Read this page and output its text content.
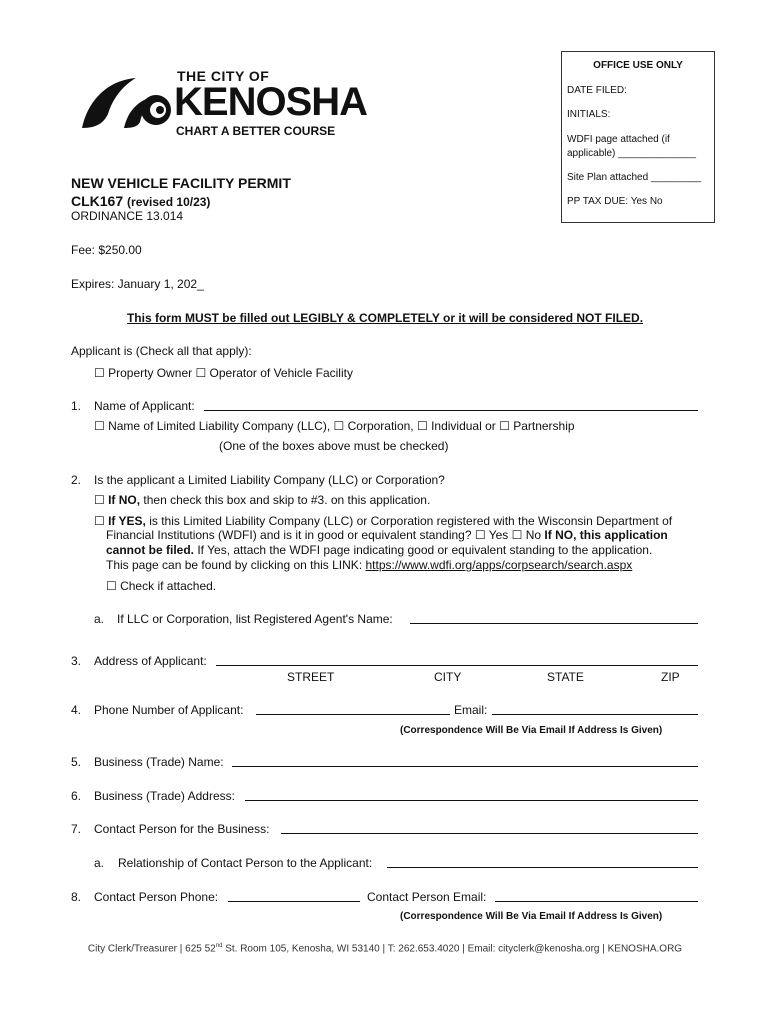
THE CITY OF
KENOSHA
CHART A BETTER COURSE
OFFICE USE ONLY
DATE FILED:
INITIALS:
WDFI page attached (if
applicable) ______________
Site Plan attached _________
PP TAX DUE: Yes No
NEW VEHICLE FACILITY PERMIT
CLK167 (revised 10/23)
ORDINANCE 13.014
Fee: $250.00
Expires: January 1, 202_
This form MUST be filled out LEGIBLY & COMPLETELY or it will be considered NOT FILED.
Applicant is (Check all that apply):
☐ Property Owner ☐ Operator of Vehicle Facility
1. Name of Applicant:
☐ Name of Limited Liability Company (LLC), ☐ Corporation, ☐ Individual or ☐ Partnership
(One of the boxes above must be checked)
2. Is the applicant a Limited Liability Company (LLC) or Corporation?
☐ If NO, then check this box and skip to #3. on this application.
☐ If YES, is this Limited Liability Company (LLC) or Corporation registered with the Wisconsin Department of
Financial Institutions (WDFI) and is it in good or equivalent standing? ☐ Yes ☐ No If NO, this application
cannot be filed. If Yes, attach the WDFI page indicating good or equivalent standing to the application.
This page can be found by clicking on this LINK: https://www.wdfi.org/apps/corpsearch/search.aspx
☐ Check if attached.
a. If LLC or Corporation, list Registered Agent's Name:
3. Address of Applicant:
STREET	CITY	STATE	ZIP
4. Phone Number of Applicant:	Email:
(Correspondence Will Be Via Email If Address Is Given)
5. Business (Trade) Name:
6. Business (Trade) Address:
7. Contact Person for the Business:
a. Relationship of Contact Person to the Applicant:
8. Contact Person Phone:	Contact Person Email:
(Correspondence Will Be Via Email If Address Is Given)
City Clerk/Treasurer | 625 52nd St. Room 105, Kenosha, WI 53140 | T: 262.653.4020 | Email: cityclerk@kenosha.org | KENOSHA.ORG
